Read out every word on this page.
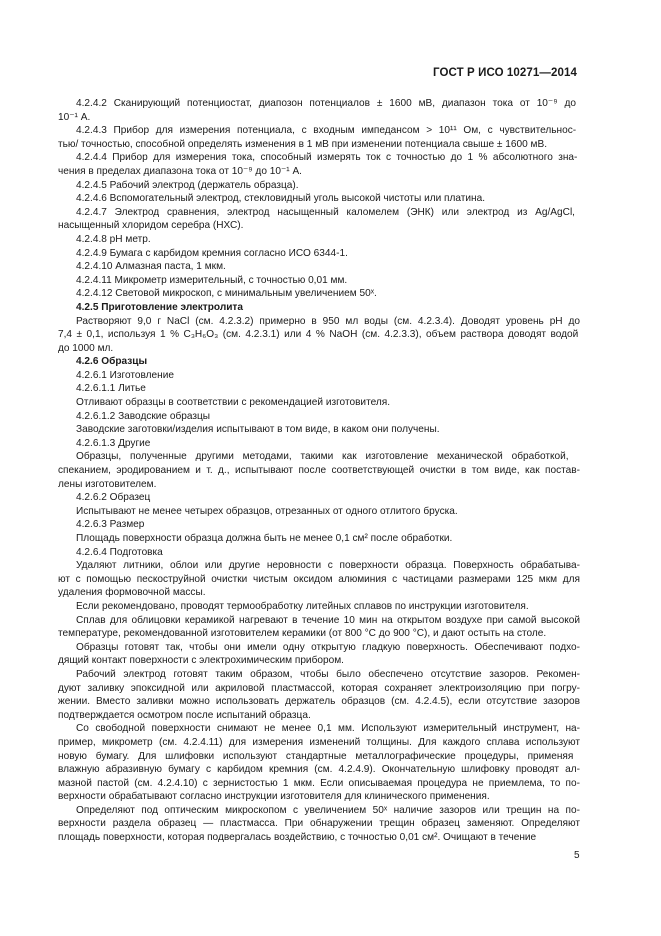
ГОСТ Р ИСО 10271—2014

4.2.4.2 Сканирующий потенциостат, диапозон потенциалов ± 1600 мВ, диапазон тока от 10⁻⁹ до

10⁻¹ А.

4.2.4.3 Прибор для измерения потенциала, с входным импедансом > 10¹¹ Ом, с чувствительнос-

тью/ точностью, способной определять изменения в 1 мВ при изменении потенциала свыше ± 1600 мВ.

4.2.4.4 Прибор для измерения тока, способный измерять ток с точностью до 1 % абсолютного зна-

чения в пределах диапазона тока от 10⁻⁹ до 10⁻¹ А.

4.2.4.5 Рабочий электрод (держатель образца).

4.2.4.6 Вспомогательный электрод, стекловидный уголь высокой чистоты или платина.

4.2.4.7 Электрод сравнения, электрод насыщенный каломелем (ЭНК) или электрод из Ag/AgCl,

насыщенный хлоридом серебра (НХС).

4.2.4.8 pH метр.

4.2.4.9 Бумага с карбидом кремния согласно ИСО 6344-1.

4.2.4.10 Алмазная паста, 1 мкм.

4.2.4.11 Микрометр измерительный, с точностью 0,01 мм.

4.2.4.12 Световой микроскоп, с минимальным увеличением 50ˣ.

4.2.5 Приготовление электролита

Растворяют 9,0 г NaCl (см. 4.2.3.2) примерно в 950 мл воды (см. 4.2.3.4). Доводят уровень pH до

7,4 ± 0,1, используя 1 % C₃H₆O₃ (см. 4.2.3.1) или 4 % NaOH (см. 4.2.3.3), объем раствора доводят водой

до 1000 мл.

4.2.6 Образцы

4.2.6.1 Изготовление

4.2.6.1.1 Литье

Отливают образцы в соответствии с рекомендацией изготовителя.

4.2.6.1.2 Заводские образцы

Заводские заготовки/изделия испытывают в том виде, в каком они получены.

4.2.6.1.3 Другие

Образцы, полученные другими методами, такими как изготовление механической обработкой,

спеканием, эродированием и т. д., испытывают после соответствующей очистки в том виде, как постав-

лены изготовителем.

4.2.6.2 Образец

Испытывают не менее четырех образцов, отрезанных от одного отлитого бруска.

4.2.6.3 Размер

Площадь поверхности образца должна быть не менее 0,1 см² после обработки.

4.2.6.4 Подготовка

Удаляют литники, облои или другие неровности с поверхности образца. Поверхность обрабатыва-

ют с помощью пескоструйной очистки чистым оксидом алюминия с частицами размерами 125 мкм для

удаления формовочной массы.

Если рекомендовано, проводят термообработку литейных сплавов по инструкции изготовителя.

Сплав для облицовки керамикой нагревают в течение 10 мин на открытом воздухе при самой высокой

температуре, рекомендованной изготовителем керамики (от 800 °С до 900 °С), и дают остыть на столе.

Образцы готовят так, чтобы они имели одну открытую гладкую поверхность. Обеспечивают подхо-

дящий контакт поверхности с электрохимическим прибором.

Рабочий электрод готовят таким образом, чтобы было обеспечено отсутствие зазоров. Рекомен-

дуют заливку эпоксидной или акриловой пластмассой, которая сохраняет электроизоляцию при погру-

жении. Вместо заливки можно использовать держатель образцов (см. 4.2.4.5), если отсутствие зазоров

подтверждается осмотром после испытаний образца.

Со свободной поверхности снимают не менее 0,1 мм. Используют измерительный инструмент, на-

пример, микрометр (см. 4.2.4.11) для измерения изменений толщины. Для каждого сплава используют

новую бумагу. Для шлифовки используют стандартные металлографические процедуры, применяя

влажную абразивную бумагу с карбидом кремния (см. 4.2.4.9). Окончательную шлифовку проводят ал-

мазной пастой (см. 4.2.4.10) с зернистостью 1 мкм. Если описываемая процедура не приемлема, то по-

верхности обрабатывают согласно инструкции изготовителя для клинического применения.

Определяют под оптическим микроскопом с увеличением 50ˣ наличие зазоров или трещин на по-

верхности раздела образец — пластмасса. При обнаружении трещин образец заменяют. Определяют

площадь поверхности, которая подвергалась воздействию, с точностью 0,01 см². Очищают в течение

5
